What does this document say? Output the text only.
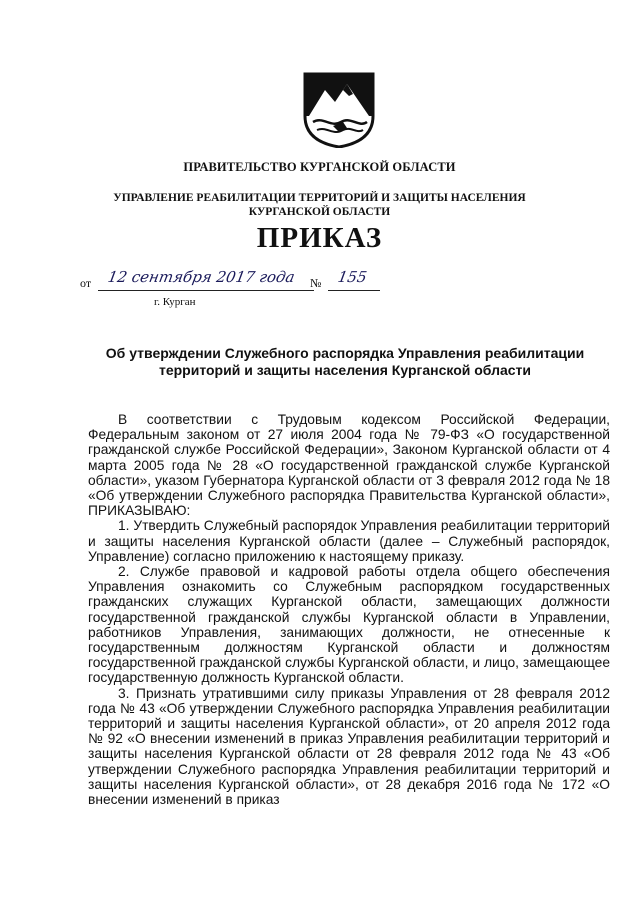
ПРАВИТЕЛЬСТВО КУРГАНСКОЙ ОБЛАСТИ
УПРАВЛЕНИЕ РЕАБИЛИТАЦИИ ТЕРРИТОРИЙ И ЗАЩИТЫ НАСЕЛЕНИЯ
КУРГАНСКОЙ ОБЛАСТИ
ПРИКАЗ
от 12 сентября 2017 года № 155
г. Курган
Об утверждении Служебного распорядка Управления реабилитации
территорий и защиты населения Курганской области

В соответствии с Трудовым кодексом Российской Федерации, Федеральным законом от 27 июля 2004 года № 79-ФЗ «О государственной гражданской службе Российской Федерации», Законом Курганской области от 4 марта 2005 года № 28 «О государственной гражданской службе Курганской области», указом Губернатора Курганской области от 3 февраля 2012 года № 18 «Об утверждении Служебного распорядка Правительства Курганской области», ПРИКАЗЫВАЮ:

1. Утвердить Служебный распорядок Управления реабилитации территорий и защиты населения Курганской области (далее – Служебный распорядок, Управление) согласно приложению к настоящему приказу.

2. Службе правовой и кадровой работы отдела общего обеспечения Управления ознакомить со Служебным распорядком государственных гражданских служащих Курганской области, замещающих должности государственной гражданской службы Курганской области в Управлении, работников Управления, занимающих должности, не отнесенные к государственным должностям Курганской области и должностям государственной гражданской службы Курганской области, и лицо, замещающее государственную должность Курганской области.

3. Признать утратившими силу приказы Управления от 28 февраля 2012 года № 43 «Об утверждении Служебного распорядка Управления реабилитации территорий и защиты населения Курганской области», от 20 апреля 2012 года № 92 «О внесении изменений в приказ Управления реабилитации территорий и защиты населения Курганской области от 28 февраля 2012 года № 43 «Об утверждении Служебного распорядка Управления реабилитации территорий и защиты населения Курганской области», от 28 декабря 2016 года № 172 «О внесении изменений в приказ
